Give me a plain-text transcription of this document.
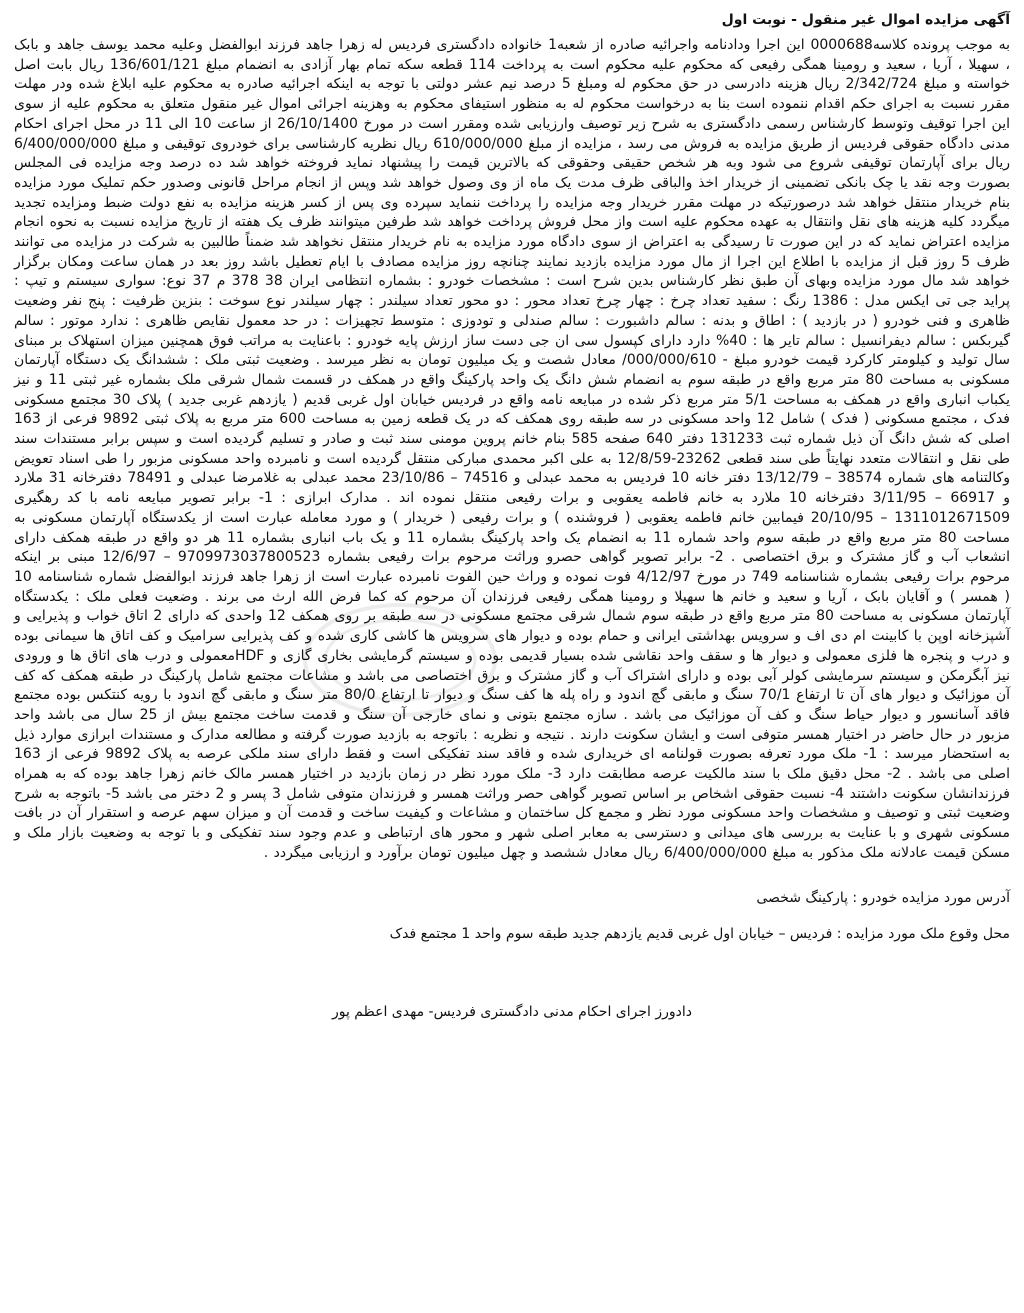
آگهی مزایده اموال غیر منقول - نوبت اول

به موجب پرونده کلاسه0000688 این اجرا ودادنامه واجرائیه صادره از شعبه1 خانواده دادگستری فردیس له زهرا جاهد فرزند ابوالفضل وعلیه محمد یوسف جاهد و بابک ، سهیلا ، آریا ، سعید و رومینا همگی رفیعی که محکوم علیه محکوم است به پرداخت 114 قطعه سکه تمام بهار آزادی به انضمام مبلغ 136/601/121 ریال بابت اصل خواسته و مبلغ 2/342/724 ریال هزینه دادرسی در حق محکوم له ومبلغ 5 درصد نیم عشر دولتی با توجه به اینکه اجرائیه صادره به محکوم علیه ابلاغ شده ودر مهلت مقرر نسبت به اجرای حکم اقدام ننموده است بنا به درخواست محکوم له به منظور استیفای محکوم به وهزینه اجرائی اموال غیر منقول متعلق به محکوم علیه از سوی این اجرا توقیف وتوسط کارشناس رسمی دادگستری به شرح زیر توصیف وارزیابی شده ومقرر است در مورخ 26/10/1400 از ساعت 10 الی 11 در محل اجرای احکام مدنی دادگاه حقوقی فردیس از طریق مزایده به فروش می رسد ، مزایده از مبلغ 610/000/000 ریال نظریه کارشناسی برای خودروی توقیفی و مبلغ 6/400/000/000 ریال برای آپارتمان توقیفی شروع می شود وبه هر شخص حقیقی وحقوقی که بالاترین قیمت را پیشنهاد نماید فروخته خواهد شد ده درصد وجه مزایده فی المجلس بصورت وجه نقد یا چک بانکی تضمینی از خریدار اخذ والباقی ظرف مدت یک ماه از وی وصول خواهد شد وپس از انجام مراحل قانونی وصدور حکم تملیک مورد مزایده بنام خریدار منتقل خواهد شد درصورتیکه در مهلت مقرر خریدار وجه مزایده را پرداخت ننماید سپرده وی پس از کسر هزینه مزایده به نفع دولت ضبط ومزایده تجدید میگردد کلیه هزینه های نقل وانتقال به عهده محکوم علیه است واز محل فروش پرداخت خواهد شد طرفین میتوانند ظرف یک هفته از تاریخ مزایده نسبت به نحوه انجام مزایده اعتراض نماید که در این صورت تا رسیدگی به اعتراض از سوی دادگاه مورد مزایده به نام خریدار منتقل نخواهد شد ضمناً طالبین به شرکت در مزایده می توانند ظرف 5 روز قبل از مزایده با اطلاع این اجرا از مال مورد مزایده بازدید نمایند چنانچه روز مزایده مصادف با ایام تعطیل باشد روز بعد در همان ساعت ومکان برگزار خواهد شد مال مورد مزایده وبهای آن طبق نظر کارشناس بدین شرح است : مشخصات خودرو : بشماره انتظامی ایران 38 378 م 37 نوع: سواری سیستم و تیپ : پراید جی تی ایکس مدل : 1386 رنگ : سفید تعداد چرخ : چهار چرخ تعداد محور : دو محور تعداد سیلندر : چهار سیلندر نوع سوخت : بنزین ظرفیت : پنج نفر وضعیت ظاهری و فنی خودرو ( در بازدید ) : اطاق و بدنه : سالم داشبورت : سالم صندلی و تودوزی : متوسط تجهیزات : در حد معمول نقایص ظاهری : ندارد موتور : سالم گیربکس : سالم دیفرانسیل : سالم تایر ها : 40% دارد دارای کپسول سی ان جی دست ساز ارزش پایه خودرو : باعنایت به مراتب فوق همچنین میزان استهلاک بر مبنای سال تولید و کیلومتر کارکرد قیمت خودرو مبلغ - 000/000/610/ معادل شصت و یک میلیون تومان به نظر میرسد . وضعیت ثبتی ملک : ششدانگ یک دستگاه آپارتمان مسکونی به مساحت 80 متر مربع واقع در طبقه سوم به انضمام شش دانگ یک واحد پارکینگ واقع در همکف در قسمت شمال شرقی ملک بشماره غیر ثبتی 11 و نیز یکباب انباری واقع در همکف به مساحت 5/1 متر مربع ذکر شده در مبایعه نامه واقع در فردیس خیابان اول غربی قدیم ( یازدهم غربی جدید ) پلاک 30 مجتمع مسکونی فدک ، مجتمع مسکونی ( فدک ) شامل 12 واحد مسکونی در سه طبقه روی همکف که در یک قطعه زمین به مساحت 600 متر مربع به پلاک ثبتی 9892 فرعی از 163 اصلی که شش دانگ آن ذیل شماره ثبت 131233 دفتر 640 صفحه 585 بنام خانم پروین مومنی سند ثبت و صادر و تسلیم گردیده است و سپس برابر مستندات سند طی نقل و انتقالات متعدد نهایتاً طی سند قطعی 23262-12/8/59 به علی اکبر محمدی مبارکی منتقل گردیده است و نامبرده واحد مسکونی مزبور را طی اسناد تعویض وکالتنامه های شماره 38574 – 13/12/79 دفتر خانه 10 فردیس به محمد عبدلی و 74516 – 23/10/86 محمد عبدلی به غلامرضا عبدلی و 78491 دفترخانه 31 ملارد و 66917 – 3/11/95 دفترخانه 10 ملارد به خانم فاطمه یعقوبی و برات رفیعی منتقل نموده اند . مدارک ابرازی : 1- برابر تصویر مبایعه نامه با کد رهگیری 1311012671509 – 20/10/95 فیمابین خانم فاطمه یعقوبی ( فروشنده ) و برات رفیعی ( خریدار ) و مورد معامله عبارت است از یکدستگاه آپارتمان مسکونی به مساحت 80 متر مربع واقع در طبقه سوم واحد شماره 11 به انضمام یک واحد پارکینگ بشماره 11 و یک باب انباری بشماره 11 هر دو واقع در طبقه همکف دارای انشعاب آب و گاز مشترک و برق اختصاصی . 2- برابر تصویر گواهی حصرو وراثت مرحوم برات رفیعی بشماره 9709973037800523 – 12/6/97 مبنی بر اینکه مرحوم برات رفیعی بشماره شناسنامه 749 در مورخ 4/12/97 فوت نموده و وراث حین الفوت نامبرده عبارت است از زهرا جاهد فرزند ابوالفضل شماره شناسنامه 10 ( همسر ) و آقایان بابک ، آریا و سعید و خانم ها سهیلا و رومینا همگی رفیعی فرزندان آن مرحوم که کما فرض الله ارث می برند . وضعیت فعلی ملک : یکدستگاه آپارتمان مسکونی به مساحت 80 متر مربع واقع در طبقه سوم شمال شرقی مجتمع مسکونی در سه طبقه بر روی همکف 12 واحدی که دارای 2 اتاق خواب و پذیرایی و آشپزخانه اوپن با کابینت ام دی اف و سرویس بهداشتی ایرانی و حمام بوده و دیوار های سرویس ها کاشی کاری شده و کف پذیرایی سرامیک و کف اتاق ها سیمانی بوده و درب و پنجره ها فلزی معمولی و دیوار ها و سقف واحد نقاشی شده بسیار قدیمی بوده و سیستم گرمایشی بخاری گازی و HDFمعمولی و درب های اتاق ها و ورودی نیز آبگرمکن و سیستم سرمایشی کولر آبی بوده و دارای اشتراک آب و گاز مشترک و برق اختصاصی می باشد و مشاعات مجتمع شامل پارکینگ در طبقه همکف که کف آن موزائیک و دیوار های آن تا ارتفاع 70/1 سنگ و مابقی گچ اندود و راه پله ها کف سنگ و دیوار تا ارتفاع 80/0 متر سنگ و مابقی گچ اندود با رویه کنتکس بوده مجتمع فاقد آسانسور و دیوار حیاط سنگ و کف آن موزائیک می باشد . سازه مجتمع بتونی و نمای خارجی آن سنگ و قدمت ساخت مجتمع بیش از 25 سال می باشد واحد مزبور در حال حاضر در اختیار همسر متوفی است و ایشان سکونت دارند . نتیجه و نظریه : باتوجه به بازدید صورت گرفته و مطالعه مدارک و مستندات ابرازی موارد ذیل به استحضار میرسد : 1- ملک مورد تعرفه بصورت قولنامه ای خریداری شده و فاقد سند تفکیکی است و فقط دارای سند ملکی عرصه به پلاک 9892 فرعی از 163 اصلی می باشد . 2- محل دقیق ملک با سند مالکیت عرصه مطابقت دارد 3- ملک مورد نظر در زمان بازدید در اختیار همسر مالک خانم زهرا جاهد بوده که به همراه فرزندانشان سکونت داشتند 4- نسبت حقوقی اشخاص بر اساس تصویر گواهی حصر وراثت همسر و فرزندان متوفی شامل 3 پسر و 2 دختر می باشد 5- باتوجه به شرح وضعیت ثبتی و توصیف و مشخصات واحد مسکونی مورد نظر و مجمع کل ساختمان و مشاعات و کیفیت ساخت و قدمت آن و میزان سهم عرصه و استقرار آن در بافت مسکونی شهری و با عنایت به بررسی های میدانی و دسترسی به معابر اصلی شهر و محور های ارتباطی و عدم وجود سند تفکیکی و با توجه به وضعیت بازار ملک و مسکن قیمت عادلانه ملک مذکور به مبلغ 6/400/000/000 ریال معادل ششصد و چهل میلیون تومان برآورد و ارزیابی میگردد .

آدرس مورد مزایده خودرو : پارکینگ شخصی

محل وقوع ملک مورد مزایده : فردیس – خیابان اول غربی قدیم یازدهم جدید طبقه سوم واحد 1 مجتمع فدک

دادورز اجرای احکام مدنی دادگستری فردیس- مهدی اعظم پور
